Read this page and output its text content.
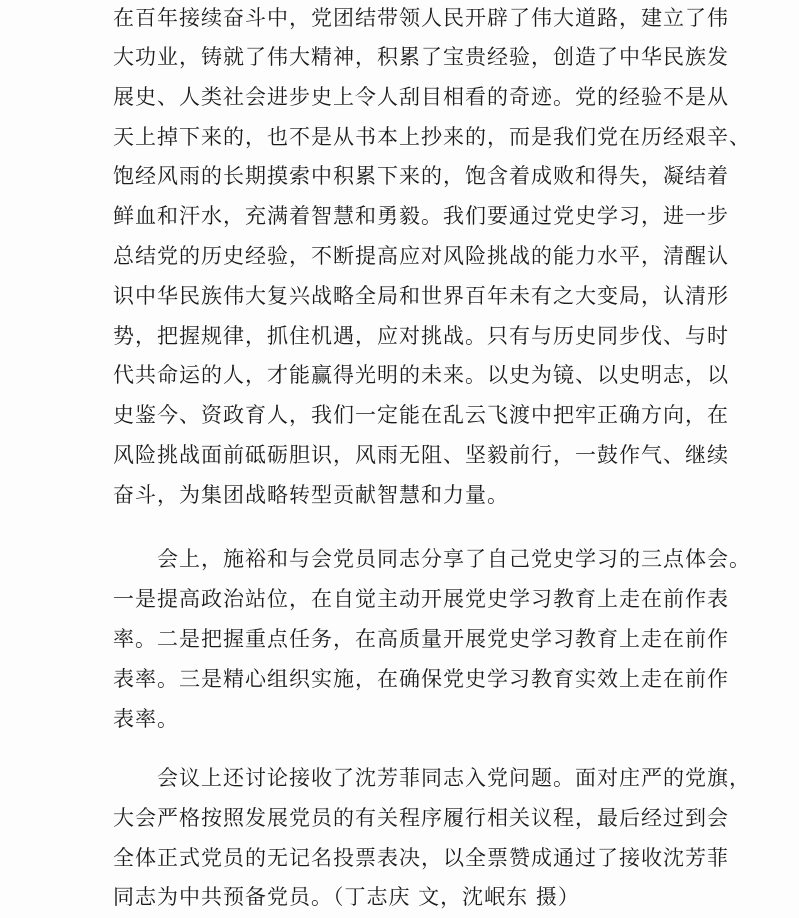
在百年接续奋斗中，党团结带领人民开辟了伟大道路，建立了伟
大功业，铸就了伟大精神，积累了宝贵经验，创造了中华民族发
展史、人类社会进步史上令人刮目相看的奇迹。党的经验不是从
天上掉下来的，也不是从书本上抄来的，而是我们党在历经艰辛、
饱经风雨的长期摸索中积累下来的，饱含着成败和得失，凝结着
鲜血和汗水，充满着智慧和勇毅。我们要通过党史学习，进一步
总结党的历史经验，不断提高应对风险挑战的能力水平，清醒认
识中华民族伟大复兴战略全局和世界百年未有之大变局，认清形
势，把握规律，抓住机遇，应对挑战。只有与历史同步伐、与时
代共命运的人，才能赢得光明的未来。以史为镜、以史明志，以
史鉴今、资政育人，我们一定能在乱云飞渡中把牢正确方向，在
风险挑战面前砥砺胆识，风雨无阻、坚毅前行，一鼓作气、继续
奋斗，为集团战略转型贡献智慧和力量。
会上，施裕和与会党员同志分享了自己党史学习的三点体会。
一是提高政治站位，在自觉主动开展党史学习教育上走在前作表
率。二是把握重点任务，在高质量开展党史学习教育上走在前作
表率。三是精心组织实施，在确保党史学习教育实效上走在前作
表率。
会议上还讨论接收了沈芳菲同志入党问题。面对庄严的党旗，
大会严格按照发展党员的有关程序履行相关议程，最后经过到会
全体正式党员的无记名投票表决，以全票赞成通过了接收沈芳菲
同志为中共预备党员。（丁志庆 文，沈岷东 摄）
